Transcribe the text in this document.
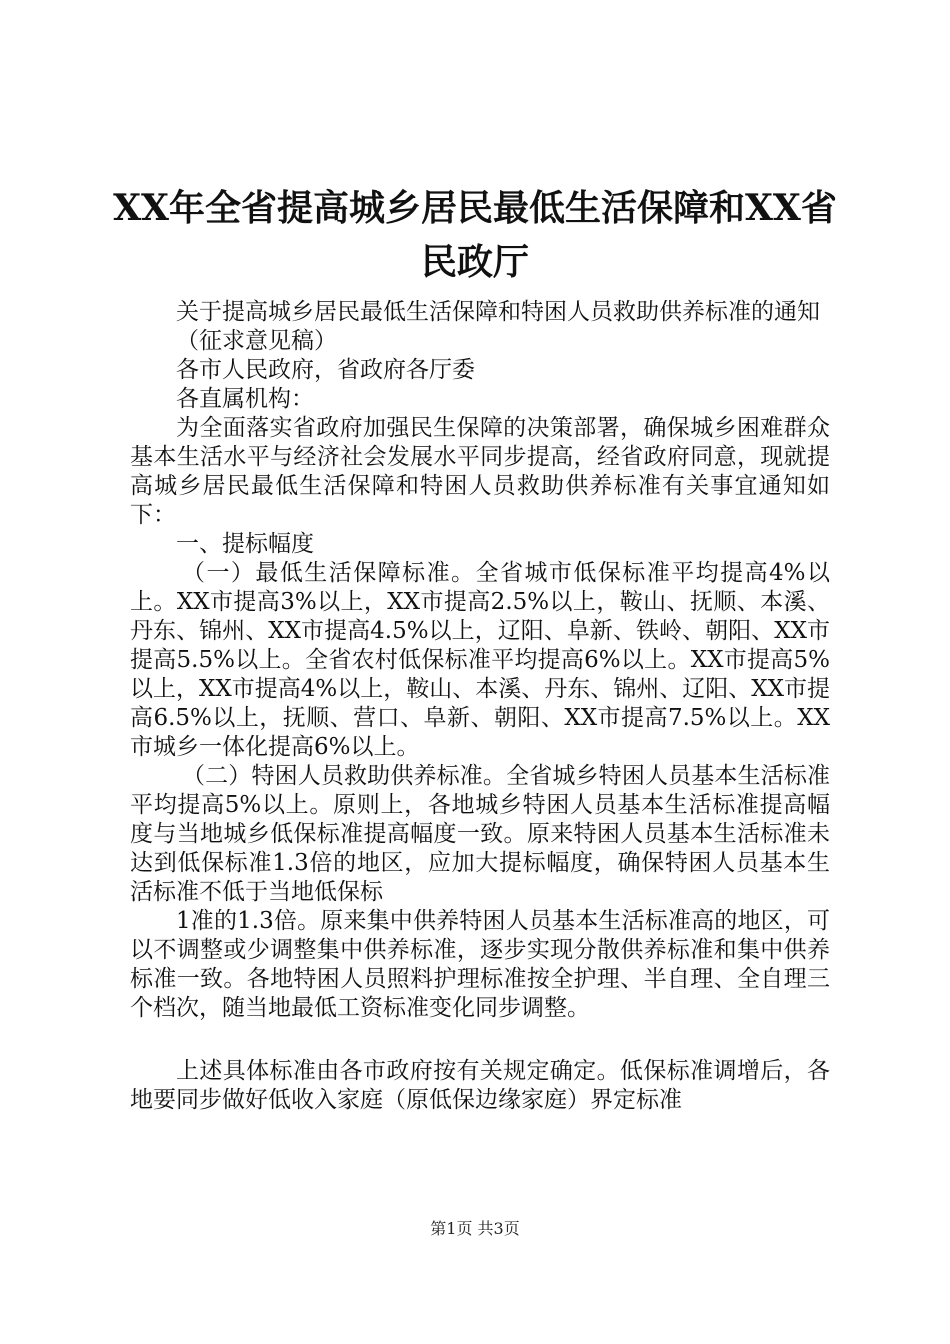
XX年全省提高城乡居民最低生活保障和XX省
民政厅

关于提高城乡居民最低生活保障和特困人员救助供养标准的通知

（征求意见稿）

各市人民政府，省政府各厅委

各直属机构：

为全面落实省政府加强民生保障的决策部署，确保城乡困难群众基本生活水平与经济社会发展水平同步提高，经省政府同意，现就提高城乡居民最低生活保障和特困人员救助供养标准有关事宜通知如下：

一、提标幅度

（一）最低生活保障标准。全省城市低保标准平均提高4%以上。XX市提高3%以上，XX市提高2.5%以上，鞍山、抚顺、本溪、丹东、锦州、XX市提高4.5%以上，辽阳、阜新、铁岭、朝阳、XX市提高5.5%以上。全省农村低保标准平均提高6%以上。XX市提高5%以上，XX市提高4%以上，鞍山、本溪、丹东、锦州、辽阳、XX市提高6.5%以上，抚顺、营口、阜新、朝阳、XX市提高7.5%以上。XX市城乡一体化提高6%以上。

（二）特困人员救助供养标准。全省城乡特困人员基本生活标准平均提高5%以上。原则上，各地城乡特困人员基本生活标准提高幅度与当地城乡低保标准提高幅度一致。原来特困人员基本生活标准未达到低保标准1.3倍的地区，应加大提标幅度，确保特困人员基本生活标准不低于当地低保标

1准的1.3倍。原来集中供养特困人员基本生活标准高的地区，可以不调整或少调整集中供养标准，逐步实现分散供养标准和集中供养标准一致。各地特困人员照料护理标准按全护理、半自理、全自理三个档次，随当地最低工资标准变化同步调整。

上述具体标准由各市政府按有关规定确定。低保标准调增后，各地要同步做好低收入家庭（原低保边缘家庭）界定标准

第1页 共3页
